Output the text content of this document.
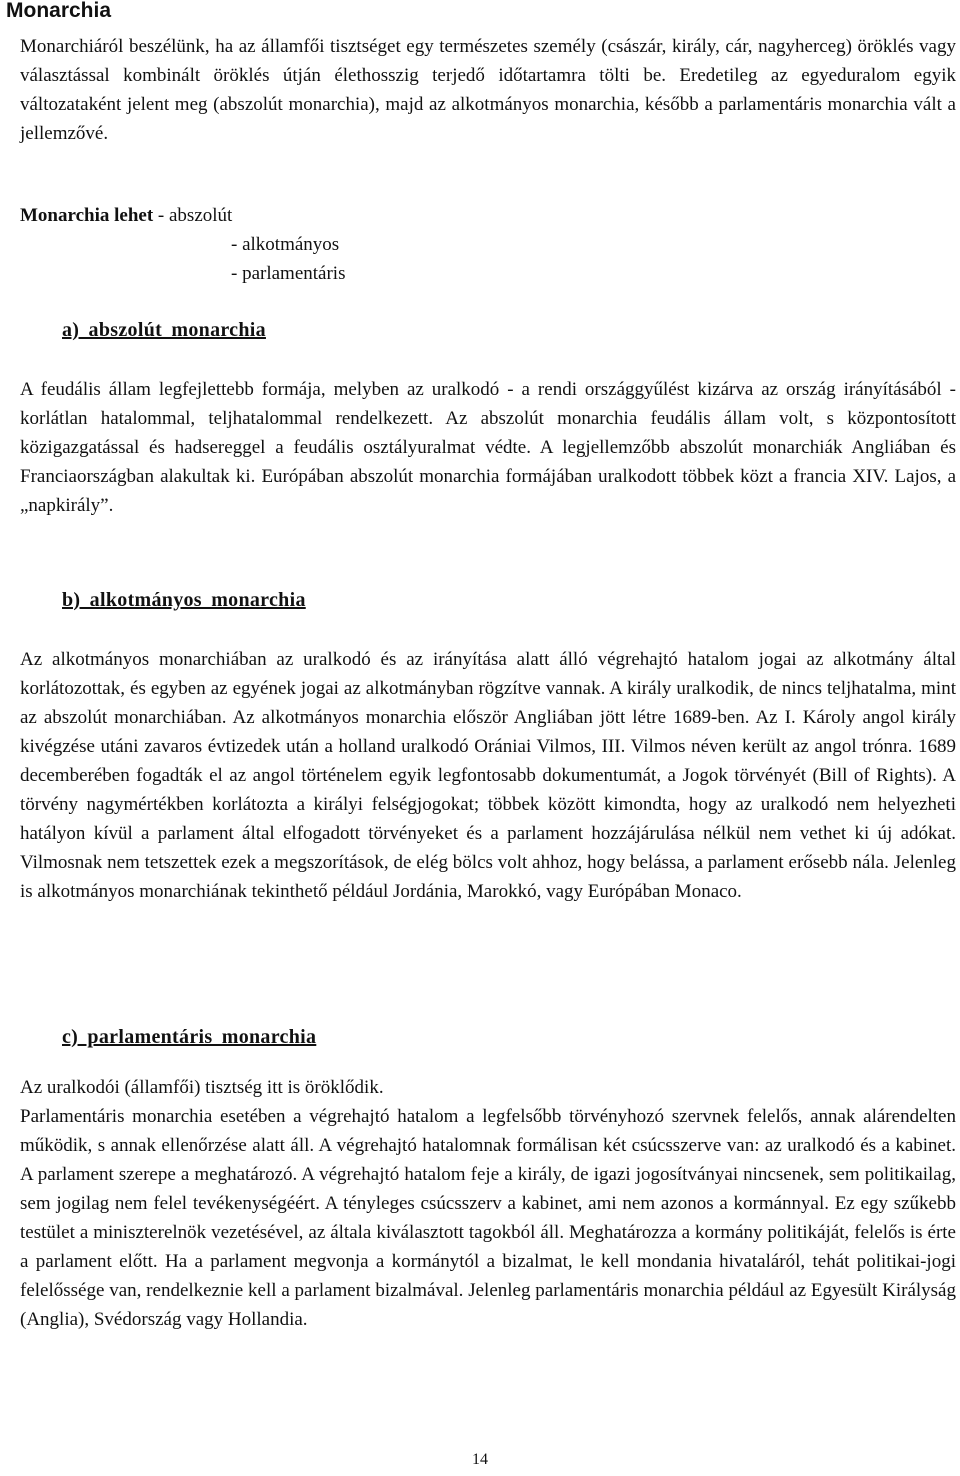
Monarchia

Monarchiáról beszélünk, ha az államfői tisztséget egy természetes személy (császár, király, cár, nagyherceg) öröklés vagy választással kombinált öröklés útján élethosszig terjedő időtartamra tölti be. Eredetileg az egyeduralom egyik változataként jelent meg (abszolút monarchia), majd az alkotmányos monarchia, később a parlamentáris monarchia vált a jellemzővé.

Monarchia lehet - abszolút
- alkotmányos
- parlamentáris
a) abszolút monarchia

A feudális állam legfejlettebb formája, melyben az uralkodó - a rendi országgyűlést kizárva az ország irányításából - korlátlan hatalommal, teljhatalommal rendelkezett. Az abszolút monarchia feudális állam volt, s központosított közigazgatással és hadsereggel a feudális osztályuralmat védte. A legjellemzőbb abszolút monarchiák Angliában és Franciaországban alakultak ki. Európában abszolút monarchia formájában uralkodott többek közt a francia XIV. Lajos, a „napkirály”.

b) alkotmányos monarchia

Az alkotmányos monarchiában az uralkodó és az irányítása alatt álló végrehajtó hatalom jogai az alkotmány által korlátozottak, és egyben az egyének jogai az alkotmányban rögzítve vannak. A király uralkodik, de nincs teljhatalma, mint az abszolút monarchiában. Az alkotmányos monarchia először Angliában jött létre 1689-ben. Az I. Károly angol király kivégzése utáni zavaros évtizedek után a holland uralkodó Orániai Vilmos, III. Vilmos néven került az angol trónra. 1689 decemberében fogadták el az angol történelem egyik legfontosabb dokumentumát, a Jogok törvényét (Bill of Rights). A törvény nagymértékben korlátozta a királyi felségjogokat; többek között kimondta, hogy az uralkodó nem helyezheti hatályon kívül a parlament által elfogadott törvényeket és a parlament hozzájárulása nélkül nem vethet ki új adókat. Vilmosnak nem tetszettek ezek a megszorítások, de elég bölcs volt ahhoz, hogy belássa, a parlament erősebb nála. Jelenleg is alkotmányos monarchiának tekinthető például Jordánia, Marokkó, vagy Európában Monaco.

c) parlamentáris monarchia

Az uralkodói (államfői) tisztség itt is öröklődik.

Parlamentáris monarchia esetében a végrehajtó hatalom a legfelsőbb törvényhozó szervnek felelős, annak alárendelten működik, s annak ellenőrzése alatt áll. A végrehajtó hatalomnak formálisan két csúcsszerve van: az uralkodó és a kabinet. A parlament szerepe a meghatározó. A végrehajtó hatalom feje a király, de igazi jogosítványai nincsenek, sem politikailag, sem jogilag nem felel tevékenységéért. A tényleges csúcsszerv a kabinet, ami nem azonos a kormánnyal. Ez egy szűkebb testület a miniszterelnök vezetésével, az általa kiválasztott tagokból áll. Meghatározza a kormány politikáját, felelős is érte a parlament előtt. Ha a parlament megvonja a kormánytól a bizalmat, le kell mondania hivataláról, tehát politikai-jogi felelőssége van, rendelkeznie kell a parlament bizalmával. Jelenleg parlamentáris monarchia például az Egyesült Királyság (Anglia), Svédország vagy Hollandia.

14
